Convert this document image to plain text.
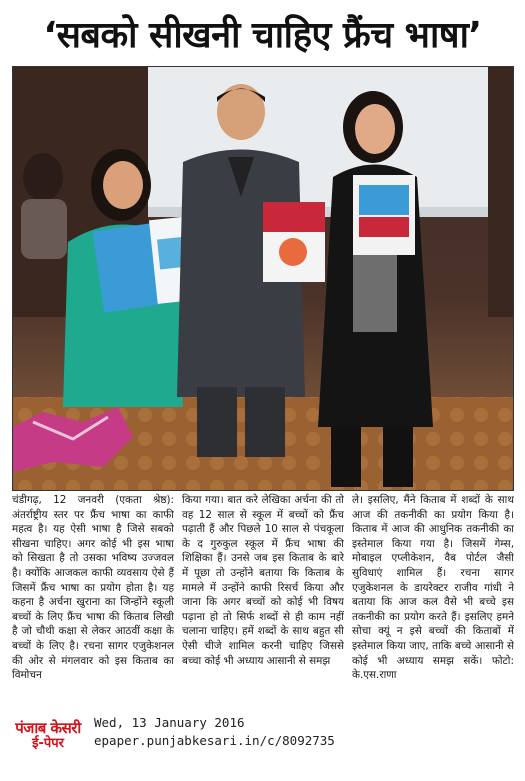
‘सबको सीखनी चाहिए फ्रैंच भाषा’

चंडीगढ़, 12 जनवरी (एकता श्रेष्ठ): अंतर्राष्ट्रीय स्तर पर फ्रैंच भाषा का काफी महत्व है। यह ऐसी भाषा है जिसे सबको सीखना चाहिए। अगर कोई भी इस भाषा को सिखता है तो उसका भविष्य उज्जवल है। क्योंकि आजकल काफी व्यवसाय ऐसे हैं जिसमें फ्रैंच भाषा का प्रयोग होता है। यह कहना है अर्चना खुराना का जिन्होंने स्कूली बच्चों के लिए फ्रैंच भाषा की किताब लिखी है जो चौथी कक्षा से लेकर आठवीं कक्षा के बच्चों के लिए है। रचना सागर एजुकेशनल की ओर से मंगलवार को इस किताब का विमोचन

किया गया। बात करे लेखिका अर्चना की तो वह 12 साल से स्कूल में बच्चों को फ्रैंच पढ़ाती हैं और पिछले 10 साल से पंचकूला के द गुरुकुल स्कूल में फ्रैंच भाषा की शिक्षिका हैं। उनसे जब इस किताब के बारे में पूछा तो उन्होंने बताया कि किताब के मामले में उन्होंने काफी रिसर्च किया और जाना कि अगर बच्चों को कोई भी विषय पढ़ाना हो तो सिर्फ शब्दों से ही काम नहीं चलाना चाहिए। हमें शब्दों के साथ बहुत सी ऐसी चीजे शामिल करनी चाहिए जिससे बच्चा कोई भी अध्याय आसानी से समझ

ले। इसलिए, मैंने किताब में शब्दों के साथ आज की तकनीकी का प्रयोग किया है। किताब में आज की आधुनिक तकनीकी का इस्तेमाल किया गया है। जिसमें गेम्स, मोबाइल एप्लीकेशन, वैब पोर्टल जैसी सुविधाएं शामिल हैं। रचना सागर एजुकेशनल के डायरेक्टर राजीव गांधी ने बताया कि आज कल वैसे भी बच्चे इस तकनीकी का प्रयोग करते हैं। इसलिए हमने सोचा क्यूं न इसे बच्चों की किताबों में इस्तेमाल किया जाए, ताकि बच्चे आसानी से कोई भी अध्याय समझ सकें। फोटो: के.एस.राणा

पंजाब केसरी
ई-पेपर
Wed, 13 January 2016
epaper.punjabkesari.in/c/8092735
